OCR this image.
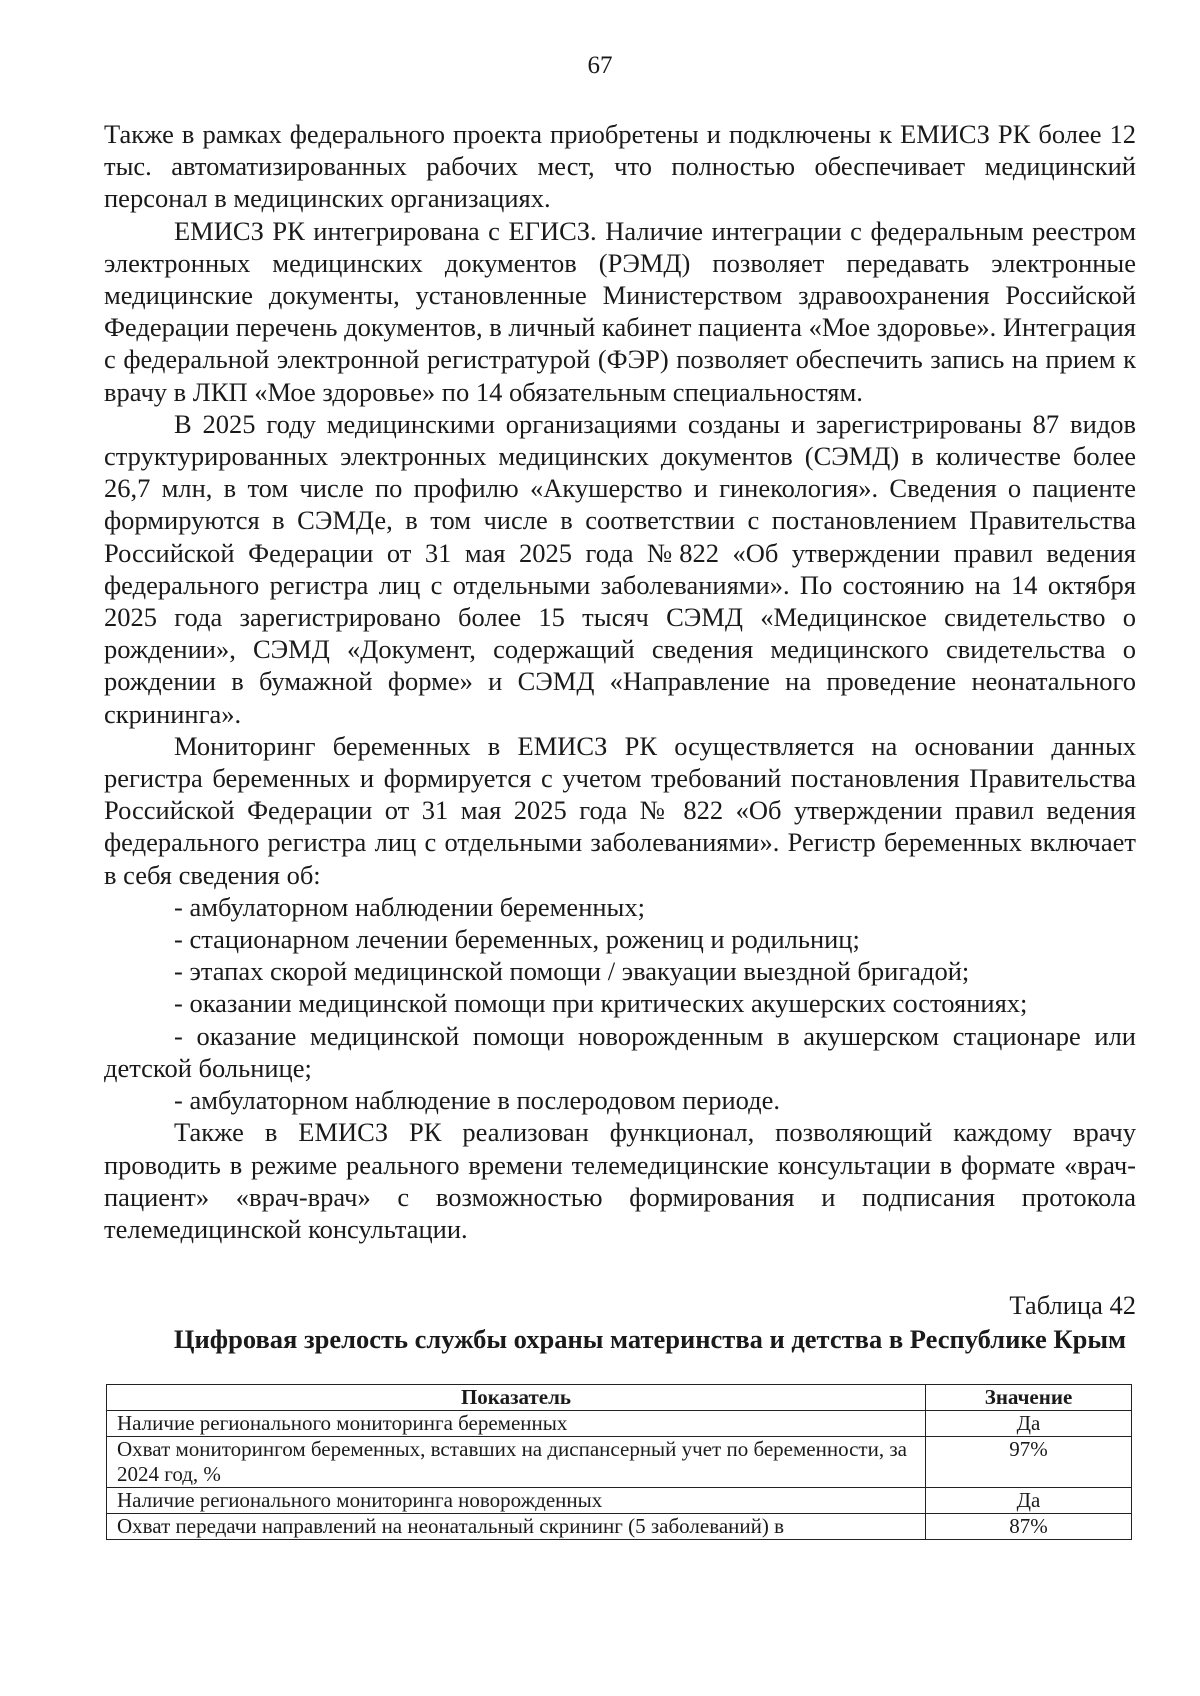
67

Также в рамках федерального проекта приобретены и подключены к ЕМИСЗ РК более 12 тыс. автоматизированных рабочих мест, что полностью обеспечивает медицинский персонал в медицинских организациях.

ЕМИСЗ РК интегрирована с ЕГИСЗ. Наличие интеграции с федеральным реестром электронных медицинских документов (РЭМД) позволяет передавать электронные медицинские документы, установленные Министерством здравоохранения Российской Федерации перечень документов, в личный кабинет пациента «Мое здоровье». Интеграция с федеральной электронной регистратурой (ФЭР) позволяет обеспечить запись на прием к врачу в ЛКП «Мое здоровье» по 14 обязательным специальностям.

В 2025 году медицинскими организациями созданы и зарегистрированы 87 видов структурированных электронных медицинских документов (СЭМД) в количестве более 26,7 млн, в том числе по профилю «Акушерство и гинекология». Сведения о пациенте формируются в СЭМДе, в том числе в соответствии с постановлением Правительства Российской Федерации от 31 мая 2025 года №822 «Об утверждении правил ведения федерального регистра лиц с отдельными заболеваниями». По состоянию на 14 октября 2025 года зарегистрировано более 15 тысяч СЭМД «Медицинское свидетельство о рождении», СЭМД «Документ, содержащий сведения медицинского свидетельства о рождении в бумажной форме» и СЭМД «Направление на проведение неонатального скрининга».

Мониторинг беременных в ЕМИСЗ РК осуществляется на основании данных регистра беременных и формируется с учетом требований постановления Правительства Российской Федерации от 31 мая 2025 года № 822 «Об утверждении правил ведения федерального регистра лиц с отдельными заболеваниями». Регистр беременных включает в себя сведения об:

- амбулаторном наблюдении беременных;

- стационарном лечении беременных, рожениц и родильниц;

- этапах скорой медицинской помощи / эвакуации выездной бригадой;

- оказании медицинской помощи при критических акушерских состояниях;

- оказание медицинской помощи новорожденным в акушерском стационаре или детской больнице;

- амбулаторном наблюдение в послеродовом периоде.

Также в ЕМИСЗ РК реализован функционал, позволяющий каждому врачу проводить в режиме реального времени телемедицинские консультации в формате «врач-пациент» «врач-врач» с возможностью формирования и подписания протокола телемедицинской консультации.

Таблица 42
Цифровая зрелость службы охраны материнства и детства в Республике Крым
Показатель	Значение
Наличие регионального мониторинга беременных	Да
Охват мониторингом беременных, вставших на диспансерный учет по беременности, за 2024 год, %	97%
Наличие регионального мониторинга новорожденных	Да
Охват передачи направлений на неонатальный скрининг (5 заболеваний) в	87%
